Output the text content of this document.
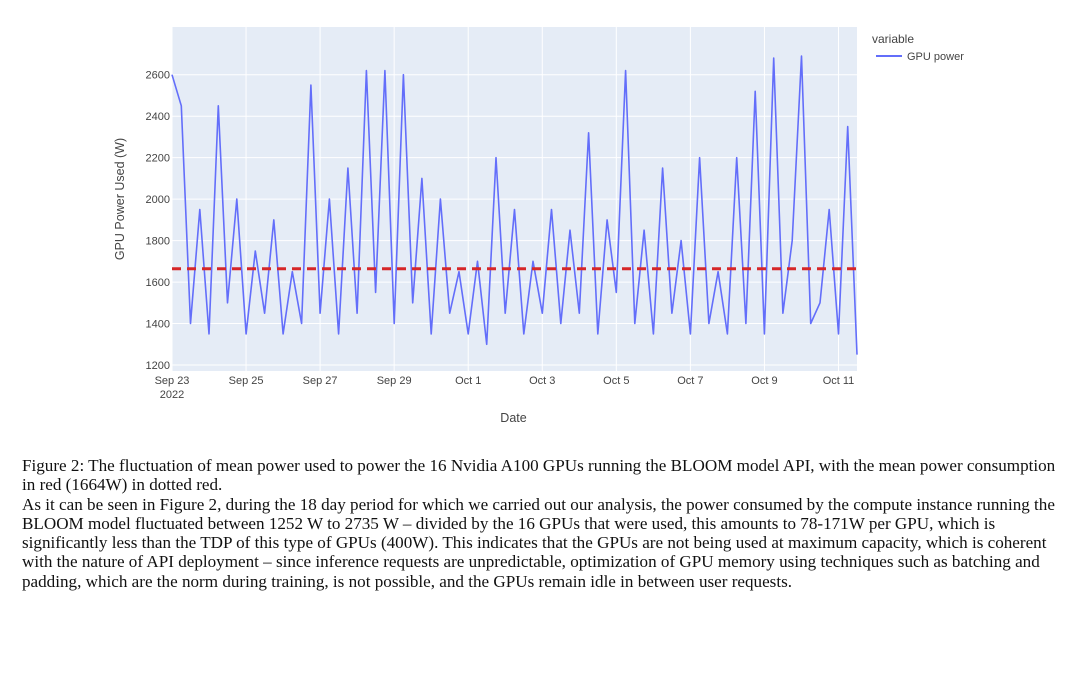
1200
1400
1600
1800
2000
2200
2400
2600
Sep 23
2022
Sep 25	Sep 27	Sep 29	Oct 1	Oct 3	Oct 5	Oct 7	Oct 9	Oct 11
GPU Power Used (W)
Date
variable
GPU power

Figure 2: The fluctuation of mean power used to power the 16 Nvidia A100 GPUs running the BLOOM model API, with the mean power consumption in red (1664W) in dotted red.

As it can be seen in Figure 2, during the 18 day period for which we carried out our analysis, the power consumed by the compute instance running the BLOOM model fluctuated between 1252 W to 2735 W – divided by the 16 GPUs that were used, this amounts to 78-171W per GPU, which is significantly less than the TDP of this type of GPUs (400W). This indicates that the GPUs are not being used at maximum capacity, which is coherent with the nature of API deployment – since inference requests are unpredictable, optimization of GPU memory using techniques such as batching and padding, which are the norm during training, is not possible, and the GPUs remain idle in between user requests.
